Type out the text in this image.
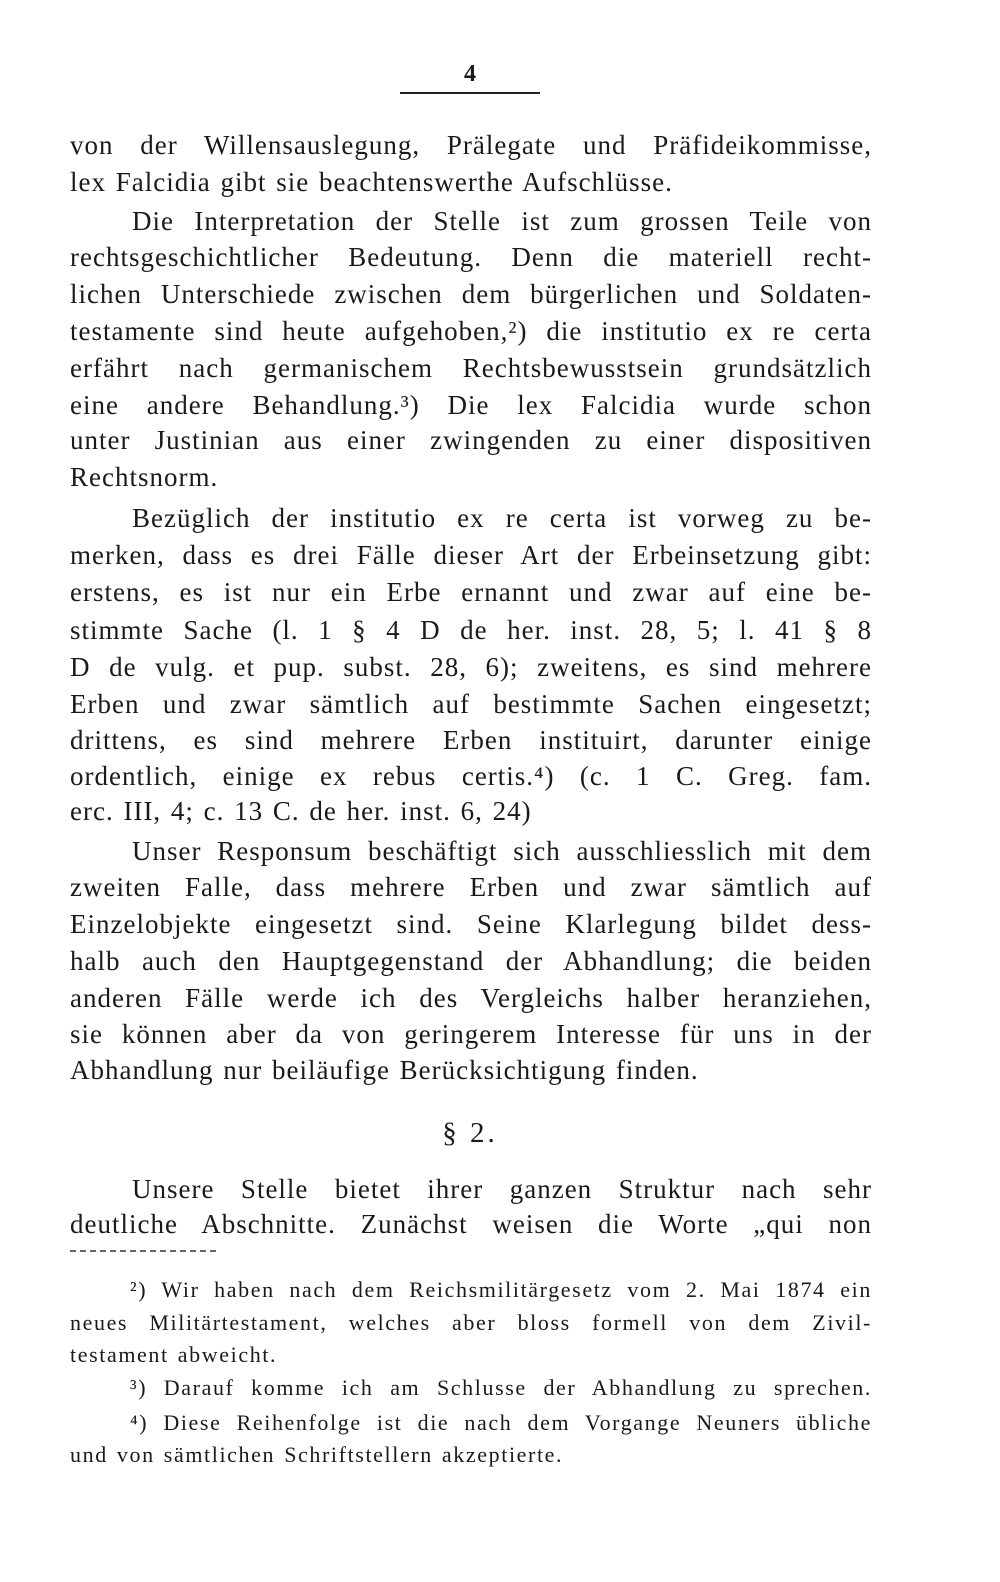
4
von der Willensauslegung, Prälegate und Präfideikommisse,
lex Falcidia gibt sie beachtenswerthe Aufschlüsse.
Die Interpretation der Stelle ist zum grossen Teile von
rechtsgeschichtlicher Bedeutung. Denn die materiell recht-
lichen Unterschiede zwischen dem bürgerlichen und Soldaten-
testamente sind heute aufgehoben,²) die institutio ex re certa
erfährt nach germanischem Rechtsbewusstsein grundsätzlich
eine andere Behandlung.³) Die lex Falcidia wurde schon
unter Justinian aus einer zwingenden zu einer dispositiven
Rechtsnorm.
Bezüglich der institutio ex re certa ist vorweg zu be-
merken, dass es drei Fälle dieser Art der Erbeinsetzung gibt:
erstens, es ist nur ein Erbe ernannt und zwar auf eine be-
stimmte Sache (l. 1 § 4 D de her. inst. 28, 5; l. 41 § 8
D de vulg. et pup. subst. 28, 6); zweitens, es sind mehrere
Erben und zwar sämtlich auf bestimmte Sachen eingesetzt;
drittens, es sind mehrere Erben instituirt, darunter einige
ordentlich, einige ex rebus certis.⁴) (c. 1 C. Greg. fam.
erc. III, 4; c. 13 C. de her. inst. 6, 24)
Unser Responsum beschäftigt sich ausschliesslich mit dem
zweiten Falle, dass mehrere Erben und zwar sämtlich auf
Einzelobjekte eingesetzt sind. Seine Klarlegung bildet dess-
halb auch den Hauptgegenstand der Abhandlung; die beiden
anderen Fälle werde ich des Vergleichs halber heranziehen,
sie können aber da von geringerem Interesse für uns in der
Abhandlung nur beiläufige Berücksichtigung finden.
§ 2.
Unsere Stelle bietet ihrer ganzen Struktur nach sehr
deutliche Abschnitte. Zunächst weisen die Worte „qui non
²) Wir haben nach dem Reichsmilitärgesetz vom 2. Mai 1874 ein
neues Militärtestament, welches aber bloss formell von dem Zivil-
testament abweicht.
³) Darauf komme ich am Schlusse der Abhandlung zu sprechen.
⁴) Diese Reihenfolge ist die nach dem Vorgange Neuners übliche
und von sämtlichen Schriftstellern akzeptierte.
